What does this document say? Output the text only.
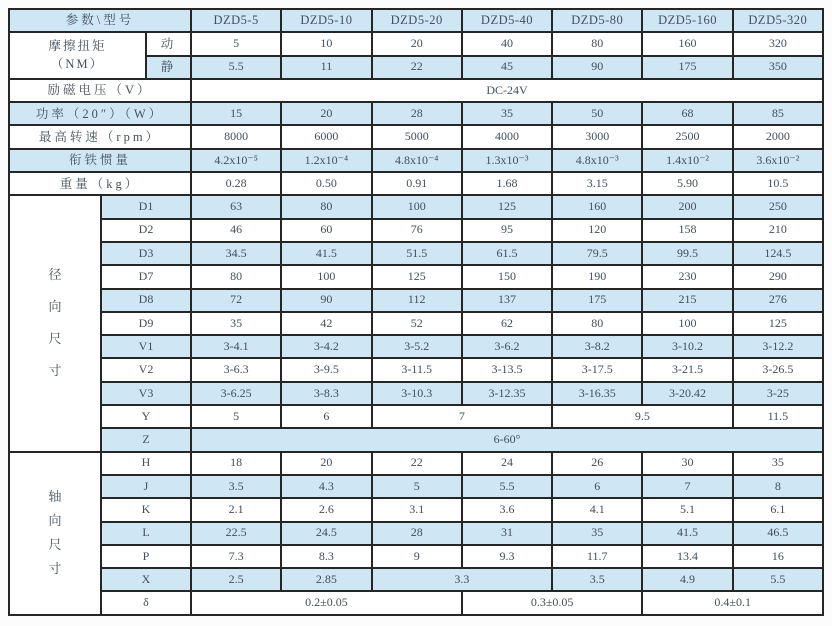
参数\型号			DZD5-5	DZD5-10	DZD5-20	DZD5-40	DZD5-80	DZD5-160	DZD5-320

摩擦扭矩
（NM）		动	5	10	20	40	80	160	320
		静	5.5	11	22	45	90	175	350
励磁电压（V）			DC-24V						
功率（20″）（W）			15	20	28	35	50	68	85
最高转速（rpm）			8000	6000	5000	4000	3000	2500	2000
衔铁惯量			4.2x10⁻⁵	1.2x10⁻⁴	4.8x10⁻⁴	1.3x10⁻³	4.8x10⁻³	1.4x10⁻²	3.6x10⁻²
重量（kg）			0.28	0.50	0.91	1.68	3.15	5.90	10.5

径
向
尺
寸	D1		63	80	100	125	160	200	250
	D2		46	60	76	95	120	158	210
	D3		34.5	41.5	51.5	61.5	79.5	99.5	124.5
	D7		80	100	125	150	190	230	290
	D8		72	90	112	137	175	215	276
	D9		35	42	52	62	80	100	125
	V1		3-4.1	3-4.2	3-5.2	3-6.2	3-8.2	3-10.2	3-12.2
	V2		3-6.3	3-9.5	3-11.5	3-13.5	3-17.5	3-21.5	3-26.5
	V3		3-6.25	3-8.3	3-10.3	3-12.35	3-16.35	3-20.42	3-25
	Y		5	6	7		9.5		11.5
	Z		6-60°						

轴
向
尺
寸	H		18	20	22	24	26	30	35
	J		3.5	4.3	5	5.5	6	7	8
	K		2.1	2.6	3.1	3.6	4.1	5.1	6.1
	L		22.5	24.5	28	31	35	41.5	46.5
	P		7.3	8.3	9	9.3	11.7	13.4	16
	X		2.5	2.85	3.3		3.5	4.9	5.5
	δ		0.2±0.05			0.3±0.05		0.4±0.1	
